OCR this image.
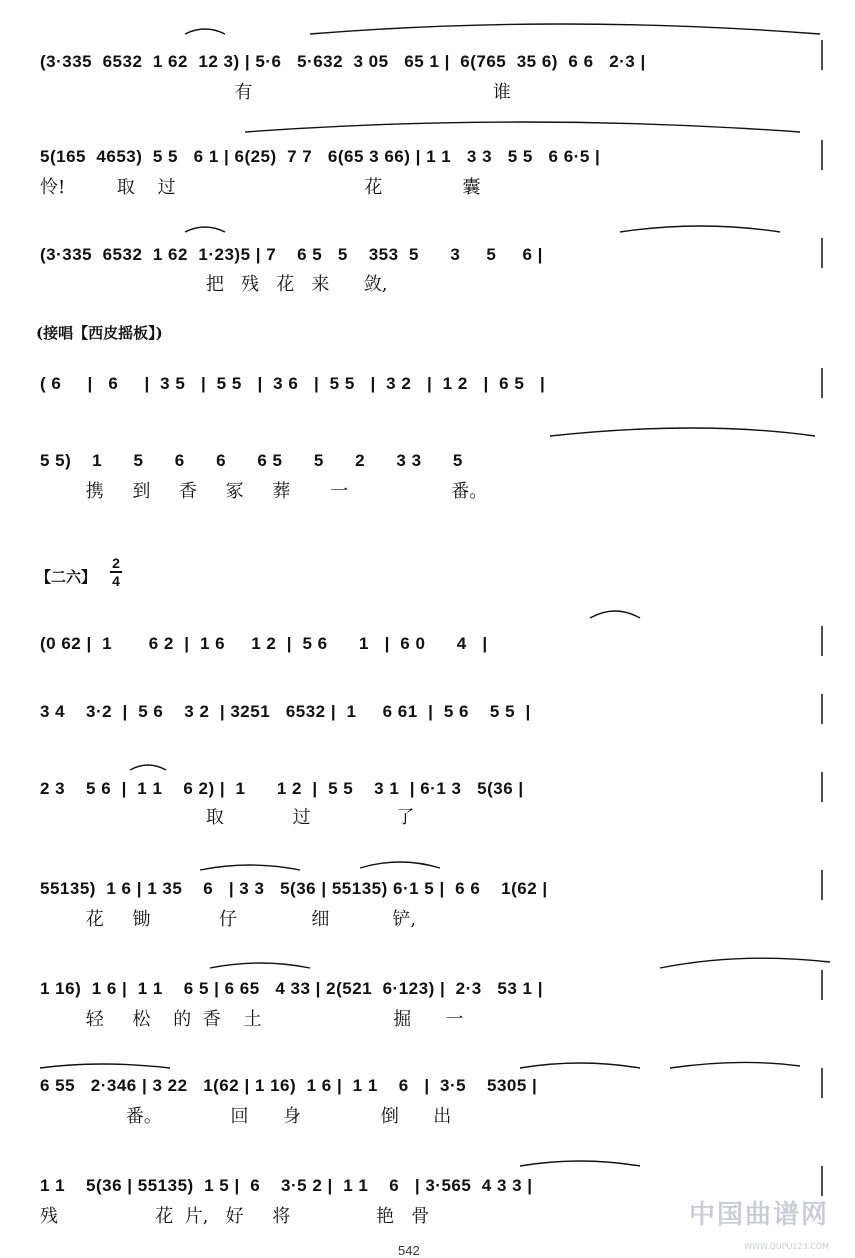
(3·335  6532  1 62  12 3) | 5·6   5·632  3 05   65 1 |  6(765  35 6)  6 6   2·3 |
有                                          谁
5(165  4653)  5 5   6 1 | 6(25)  7 7   6(65 3 66) | 1 1   3 3   5 5   6 6·5 |
怜!         取    过                                 花              囊
(3·335  6532  1 62  1·23)5 | 7    6 5   5    353  5      3     5     6 |
把   残   花   来      敛,
(接唱【西皮摇板】)
( 6     |   6     |  3 5   |  5 5   |  3 6   |  5 5   |  3 2   |  1 2   |  6 5   |
5 5)    1      5      6      6      6 5      5      2      3 3      5
携     到     香     冢     葬       一                  番。
【二六】
2
4
(0 62 |  1       6 2  |  1 6     1 2  |  5 6      1   |  6 0      4   |
3 4    3·2  |  5 6    3 2  | 3251   6532 |  1     6 61  |  5 6    5 5  |
2 3    5 6  |  1 1    6 2) |  1      1 2  |  5 5    3 1  | 6·1 3   5(36 |
取            过               了
55135)  1 6 | 1 35    6   | 3 3   5(36 | 55135) 6·1 5 |  6 6    1(62 |
花     锄            仔             细           铲,
1 16)  1 6 |  1 1    6 5 | 6 65   4 33 | 2(521  6·123) |  2·3   53 1 |
轻     松    的  香    土                       掘      一
6 55   2·346 | 3 22   1(62 | 1 16)  1 6 |  1 1    6   |  3·5    5305 |
番。            回      身              倒      出
1 1    5(36 | 55135)  1 5 |  6    3·5 2 |  1 1    6   | 3·565  4 3 3 |
残                 花  片,   好     将               艳   骨
542
中国曲谱网
WWW.QUPU123.COM
